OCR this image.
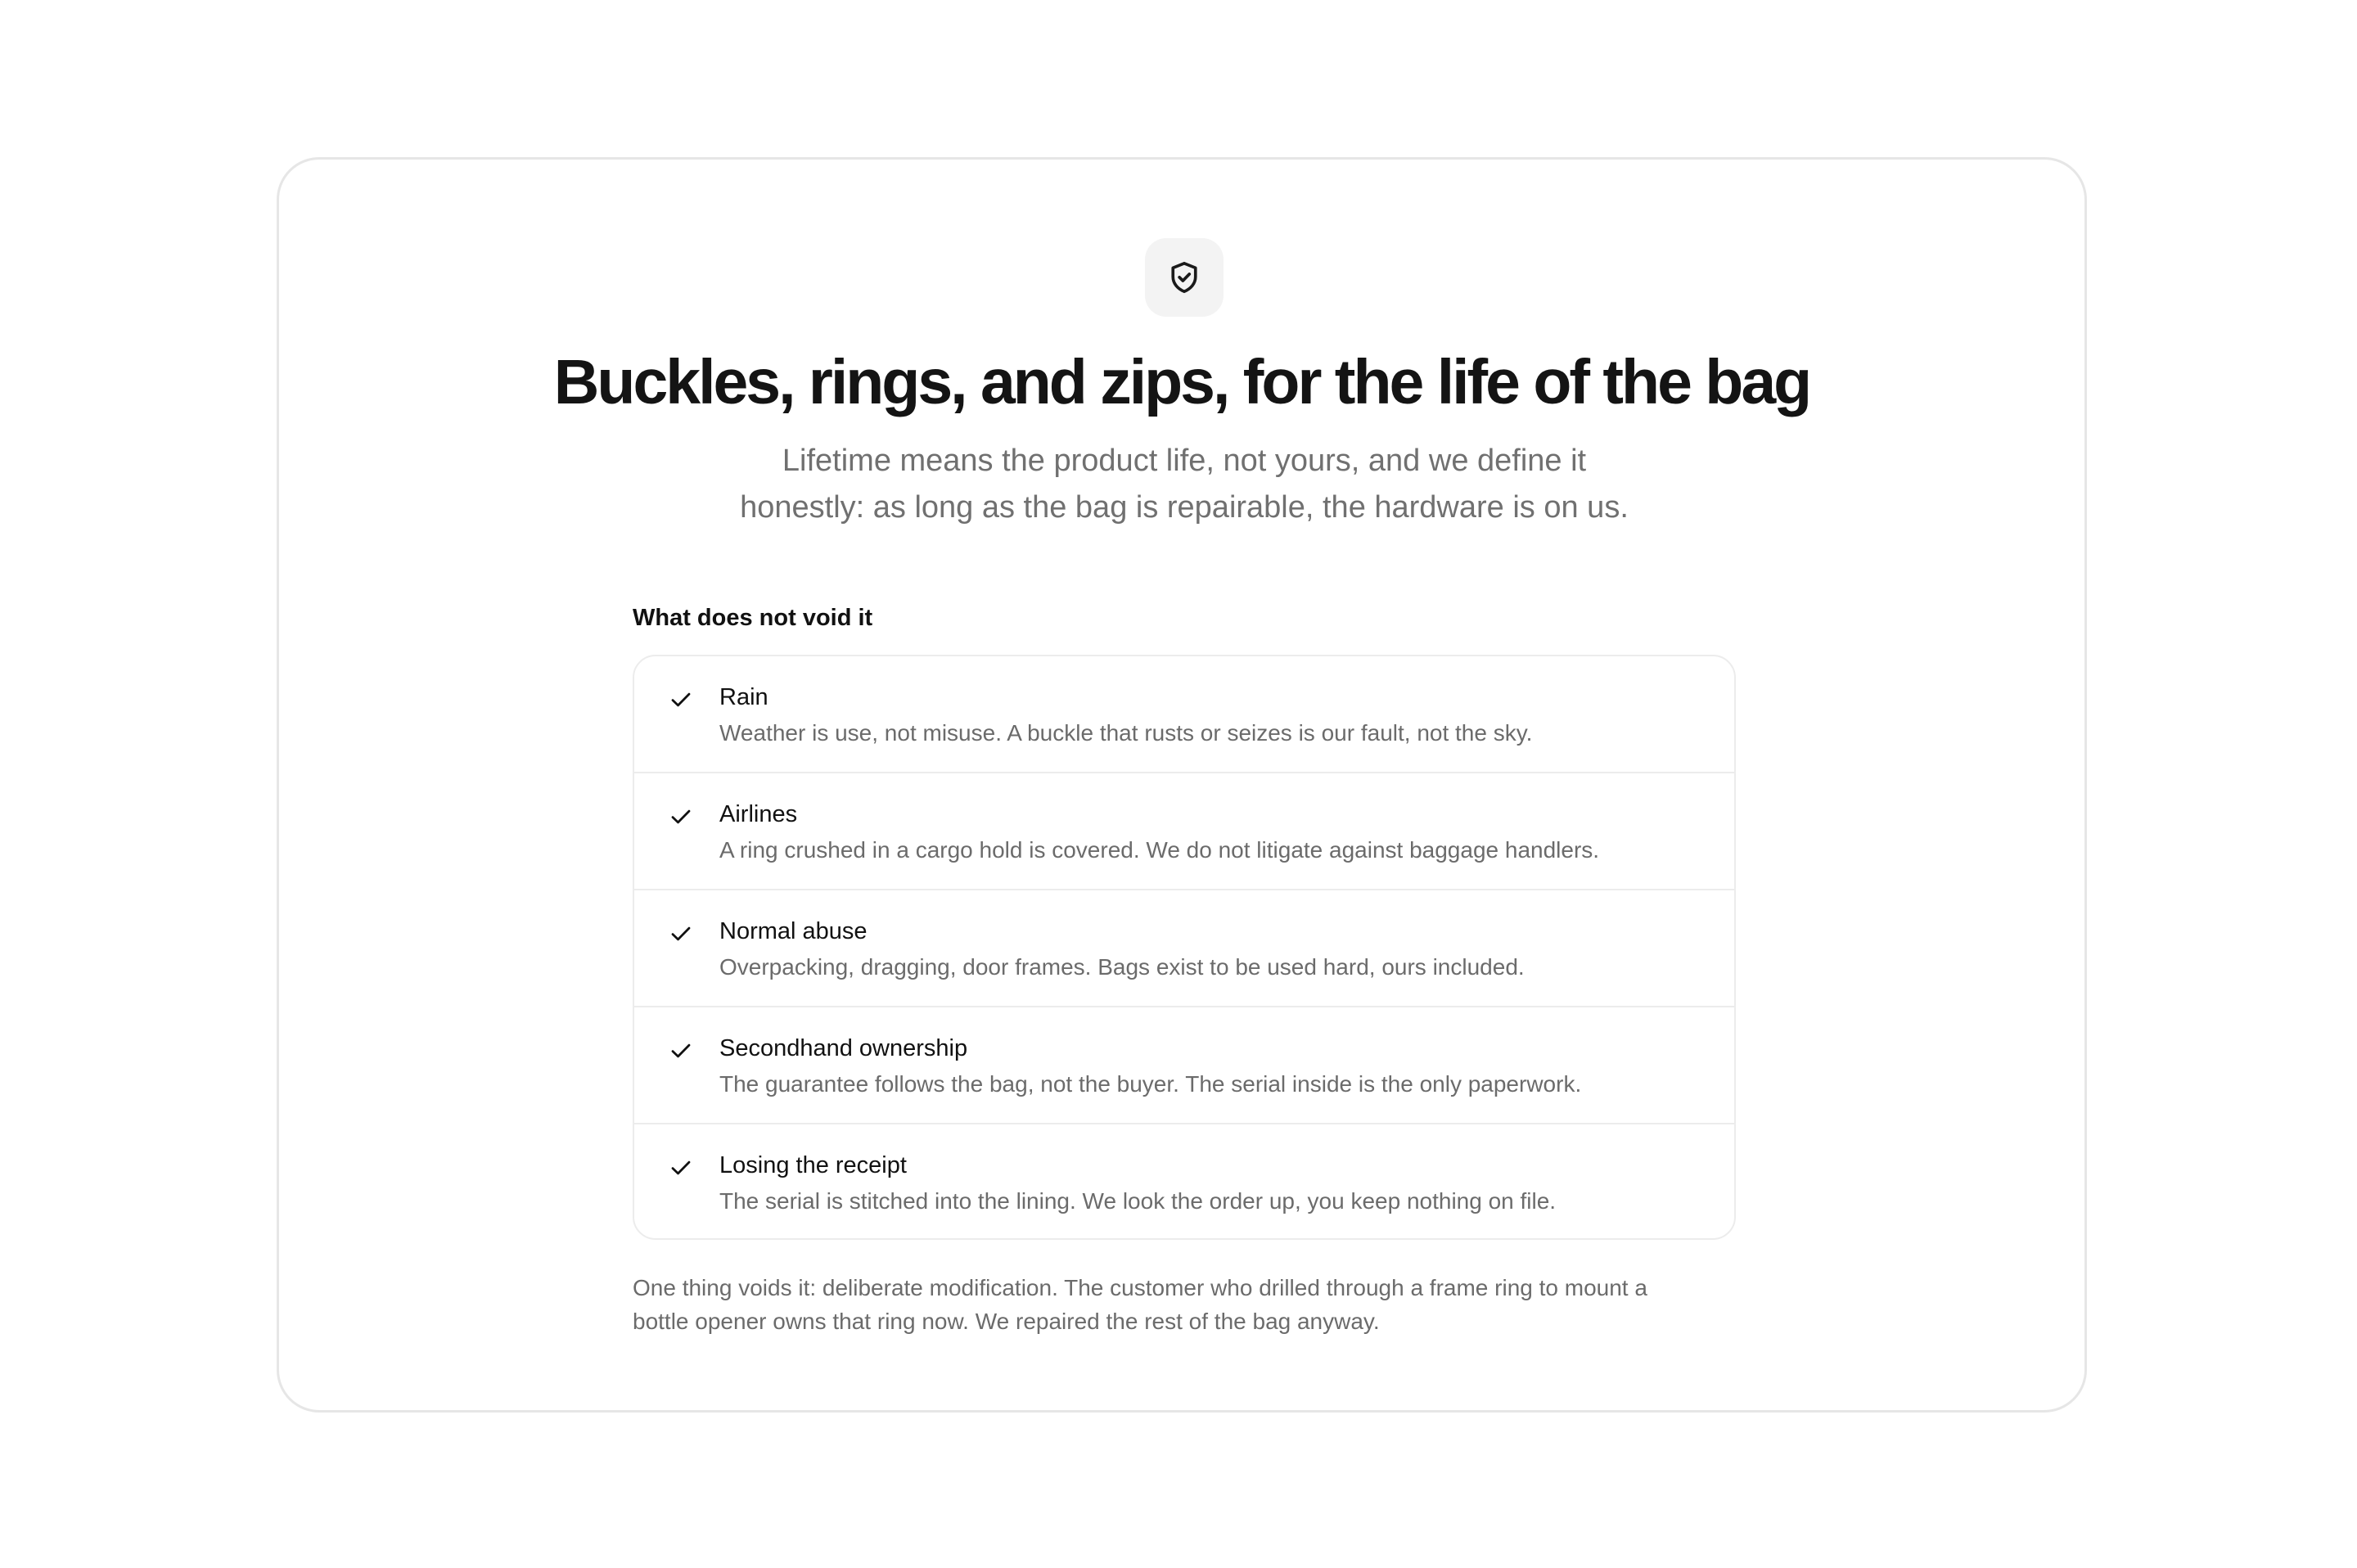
Buckles, rings, and zips, for the life of the bag

Lifetime means the product life, not yours, and we define it
honestly: as long as the bag is repairable, the hardware is on us.

What does not void it
Rain
Weather is use, not misuse. A buckle that rusts or seizes is our fault, not the sky.
Airlines
A ring crushed in a cargo hold is covered. We do not litigate against baggage handlers.
Normal abuse
Overpacking, dragging, door frames. Bags exist to be used hard, ours included.
Secondhand ownership
The guarantee follows the bag, not the buyer. The serial inside is the only paperwork.
Losing the receipt
The serial is stitched into the lining. We look the order up, you keep nothing on file.

One thing voids it: deliberate modification. The customer who drilled through a frame ring to mount a
bottle opener owns that ring now. We repaired the rest of the bag anyway.
